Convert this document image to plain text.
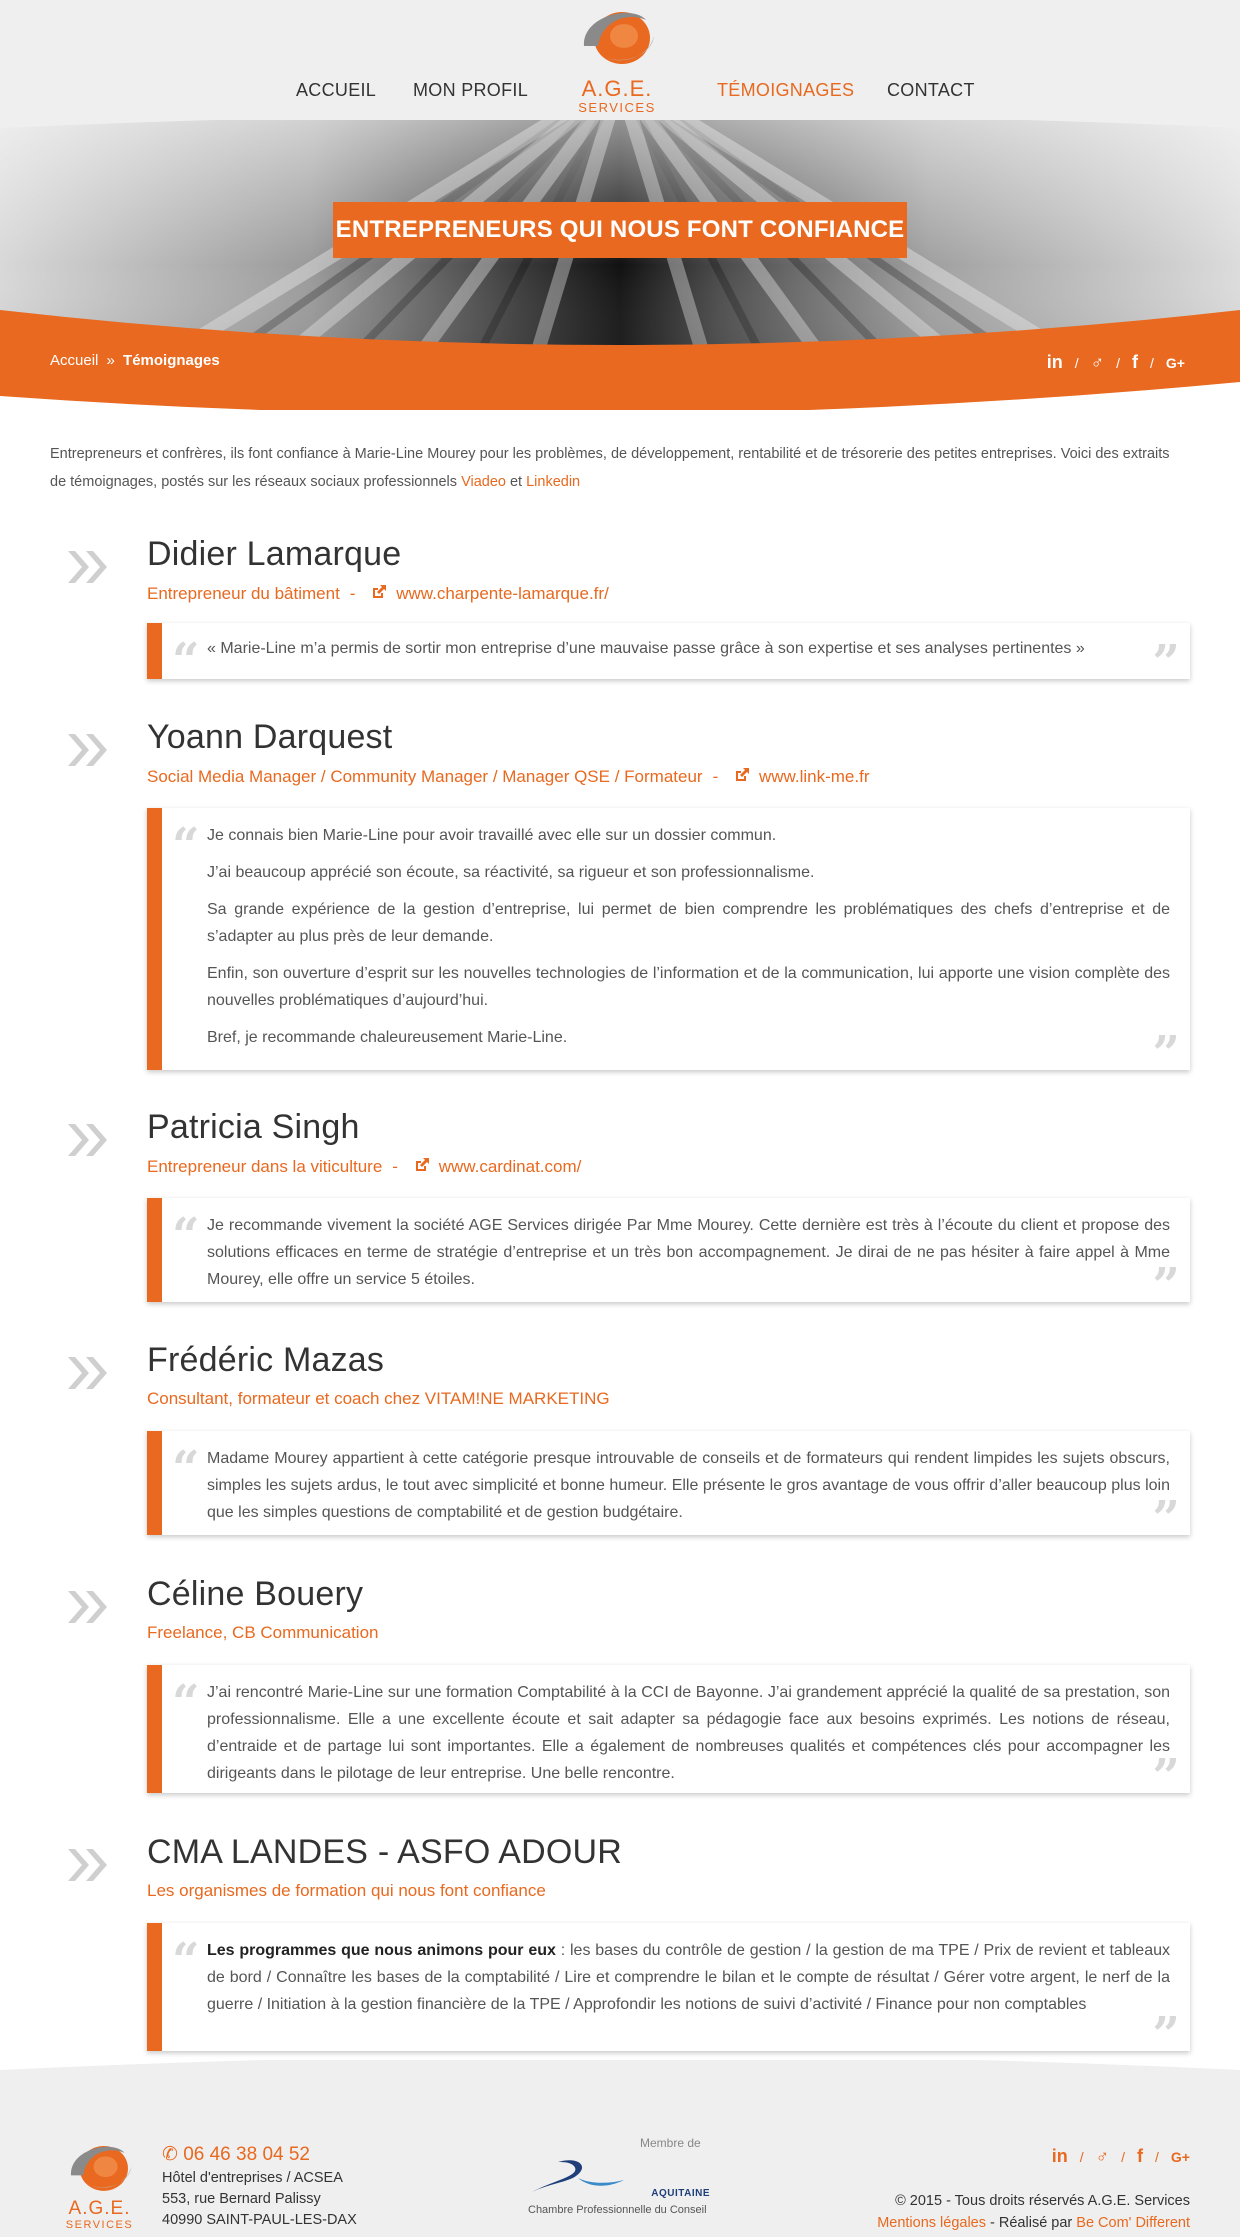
ACCUEIL MON PROFIL	TÉMOIGNAGES CONTACT
A.G.E.
SERVICES
ENTREPRENEURS QUI NOUS FONT CONFIANCE
Accueil » Témoignages	in / ♂ / f / G+
Entrepreneurs et confrères, ils font confiance à Marie-Line Mourey pour les problèmes, de développement, rentabilité et de trésorerie des petites entreprises. Voici des extraits de témoignages, postés sur les réseaux sociaux professionnels Viadeo et Linkedin
Didier Lamarque
Entrepreneur du bâtiment - www.charpente-lamarque.fr/
“ « Marie-Line m’a permis de sortir mon entreprise d’une mauvaise passe grâce à son expertise et ses analyses pertinentes »	”
Yoann Darquest
Social Media Manager / Community Manager / Manager QSE / Formateur - www.link-me.fr
“ Je connais bien Marie-Line pour avoir travaillé avec elle sur un dossier commun.

J’ai beaucoup apprécié son écoute, sa réactivité, sa rigueur et son professionnalisme.

Sa grande expérience de la gestion d’entreprise, lui permet de bien comprendre les problématiques des chefs d’entreprise et de s’adapter au plus près de leur demande.

Enfin, son ouverture d’esprit sur les nouvelles technologies de l’information et de la communication, lui apporte une vision complète des nouvelles problématiques d’aujourd’hui.

Bref, je recommande chaleureusement Marie-Line.	”
Patricia Singh
Entrepreneur dans la viticulture - www.cardinat.com/
“ Je recommande vivement la société AGE Services dirigée Par Mme Mourey. Cette dernière est très à l’écoute du client et propose des solutions efficaces en terme de stratégie d’entreprise et un très bon accompagnement. Je dirai de ne pas hésiter à faire appel à Mme Mourey, elle offre un service 5 étoiles.	”
Frédéric Mazas
Consultant, formateur et coach chez VITAM!NE MARKETING
“ Madame Mourey appartient à cette catégorie presque introuvable de conseils et de formateurs qui rendent limpides les sujets obscurs, simples les sujets ardus, le tout avec simplicité et bonne humeur. Elle présente le gros avantage de vous offrir d’aller beaucoup plus loin que les simples questions de comptabilité et de gestion budgétaire.	”
Céline Bouery
Freelance, CB Communication
“ J’ai rencontré Marie-Line sur une formation Comptabilité à la CCI de Bayonne. J’ai grandement apprécié la qualité de sa prestation, son professionnalisme. Elle a une excellente écoute et sait adapter sa pédagogie face aux besoins exprimés. Les notions de réseau, d’entraide et de partage lui sont importantes. Elle a également de nombreuses qualités et compétences clés pour accompagner les dirigeants dans le pilotage de leur entreprise. Une belle rencontre.	”
CMA LANDES - ASFO ADOUR
Les organismes de formation qui nous font confiance
“ Les programmes que nous animons pour eux : les bases du contrôle de gestion / la gestion de ma TPE / Prix de revient et tableaux de bord / Connaître les bases de la comptabilité / Lire et comprendre le bilan et le compte de résultat / Gérer votre argent, le nerf de la guerre / Initiation à la gestion financière de la TPE / Approfondir les notions de suivi d’activité / Finance pour non comptables

”
A.G.E.
SERVICES
✆ 06 46 38 04 52
Hôtel d'entreprises / ACSEA
553, rue Bernard Palissy
40990 SAINT-PAUL-LES-DAX
Membre de
AQUITAINE
Chambre Professionnelle du Conseil
in / ♂ / f / G+
© 2015 - Tous droits réservés A.G.E. Services
Mentions légales - Réalisé par Be Com' Different
